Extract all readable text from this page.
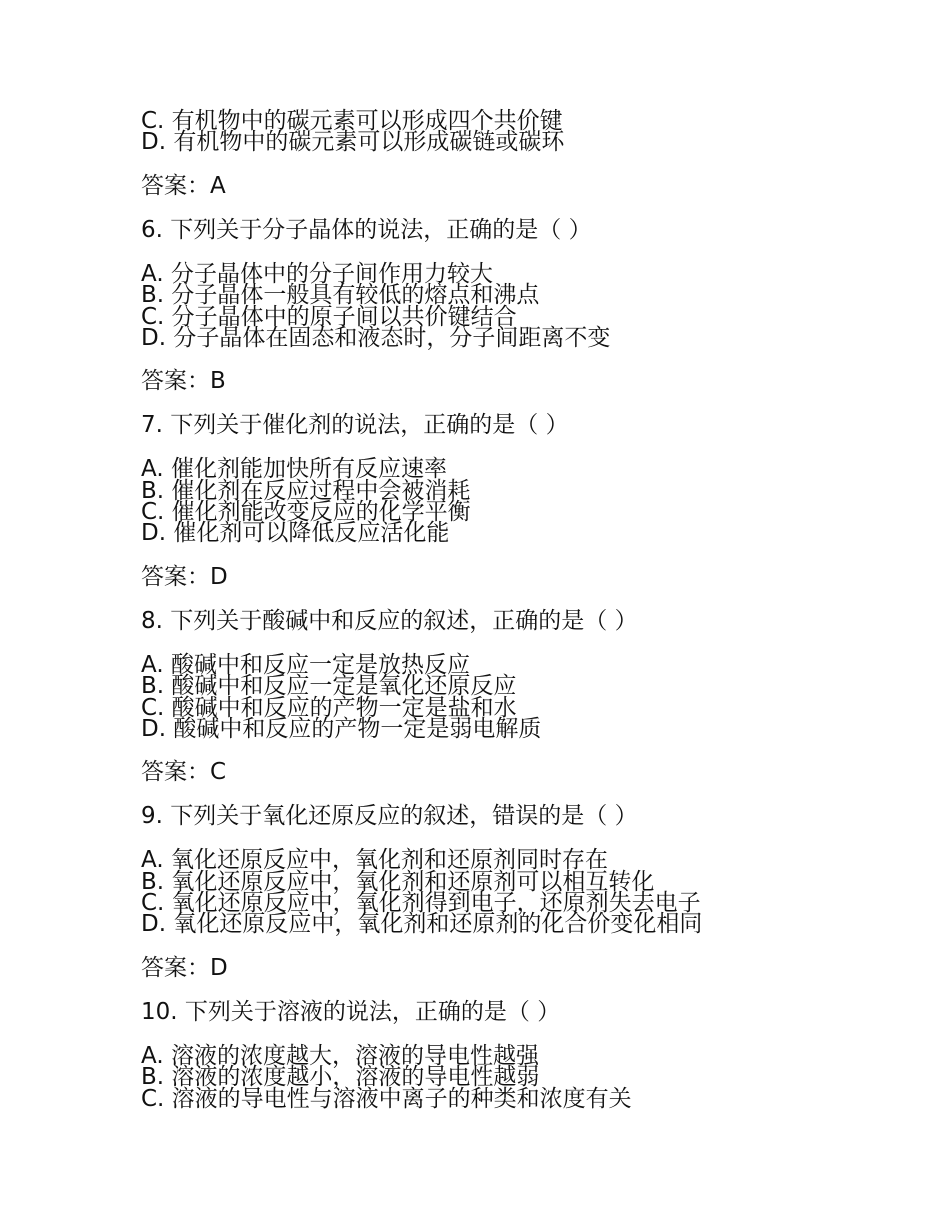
C. 有机物中的碳元素可以形成四个共价键
D. 有机物中的碳元素可以形成碳链或碳环
答案：A
6. 下列关于分子晶体的说法，正确的是（ ）
A. 分子晶体中的分子间作用力较大
B. 分子晶体一般具有较低的熔点和沸点
C. 分子晶体中的原子间以共价键结合
D. 分子晶体在固态和液态时，分子间距离不变
答案：B
7. 下列关于催化剂的说法，正确的是（ ）
A. 催化剂能加快所有反应速率
B. 催化剂在反应过程中会被消耗
C. 催化剂能改变反应的化学平衡
D. 催化剂可以降低反应活化能
答案：D
8. 下列关于酸碱中和反应的叙述，正确的是（ ）
A. 酸碱中和反应一定是放热反应
B. 酸碱中和反应一定是氧化还原反应
C. 酸碱中和反应的产物一定是盐和水
D. 酸碱中和反应的产物一定是弱电解质
答案：C
9. 下列关于氧化还原反应的叙述，错误的是（ ）
A. 氧化还原反应中，氧化剂和还原剂同时存在
B. 氧化还原反应中，氧化剂和还原剂可以相互转化
C. 氧化还原反应中，氧化剂得到电子，还原剂失去电子
D. 氧化还原反应中，氧化剂和还原剂的化合价变化相同
答案：D
10. 下列关于溶液的说法，正确的是（ ）
A. 溶液的浓度越大，溶液的导电性越强
B. 溶液的浓度越小，溶液的导电性越弱
C. 溶液的导电性与溶液中离子的种类和浓度有关
